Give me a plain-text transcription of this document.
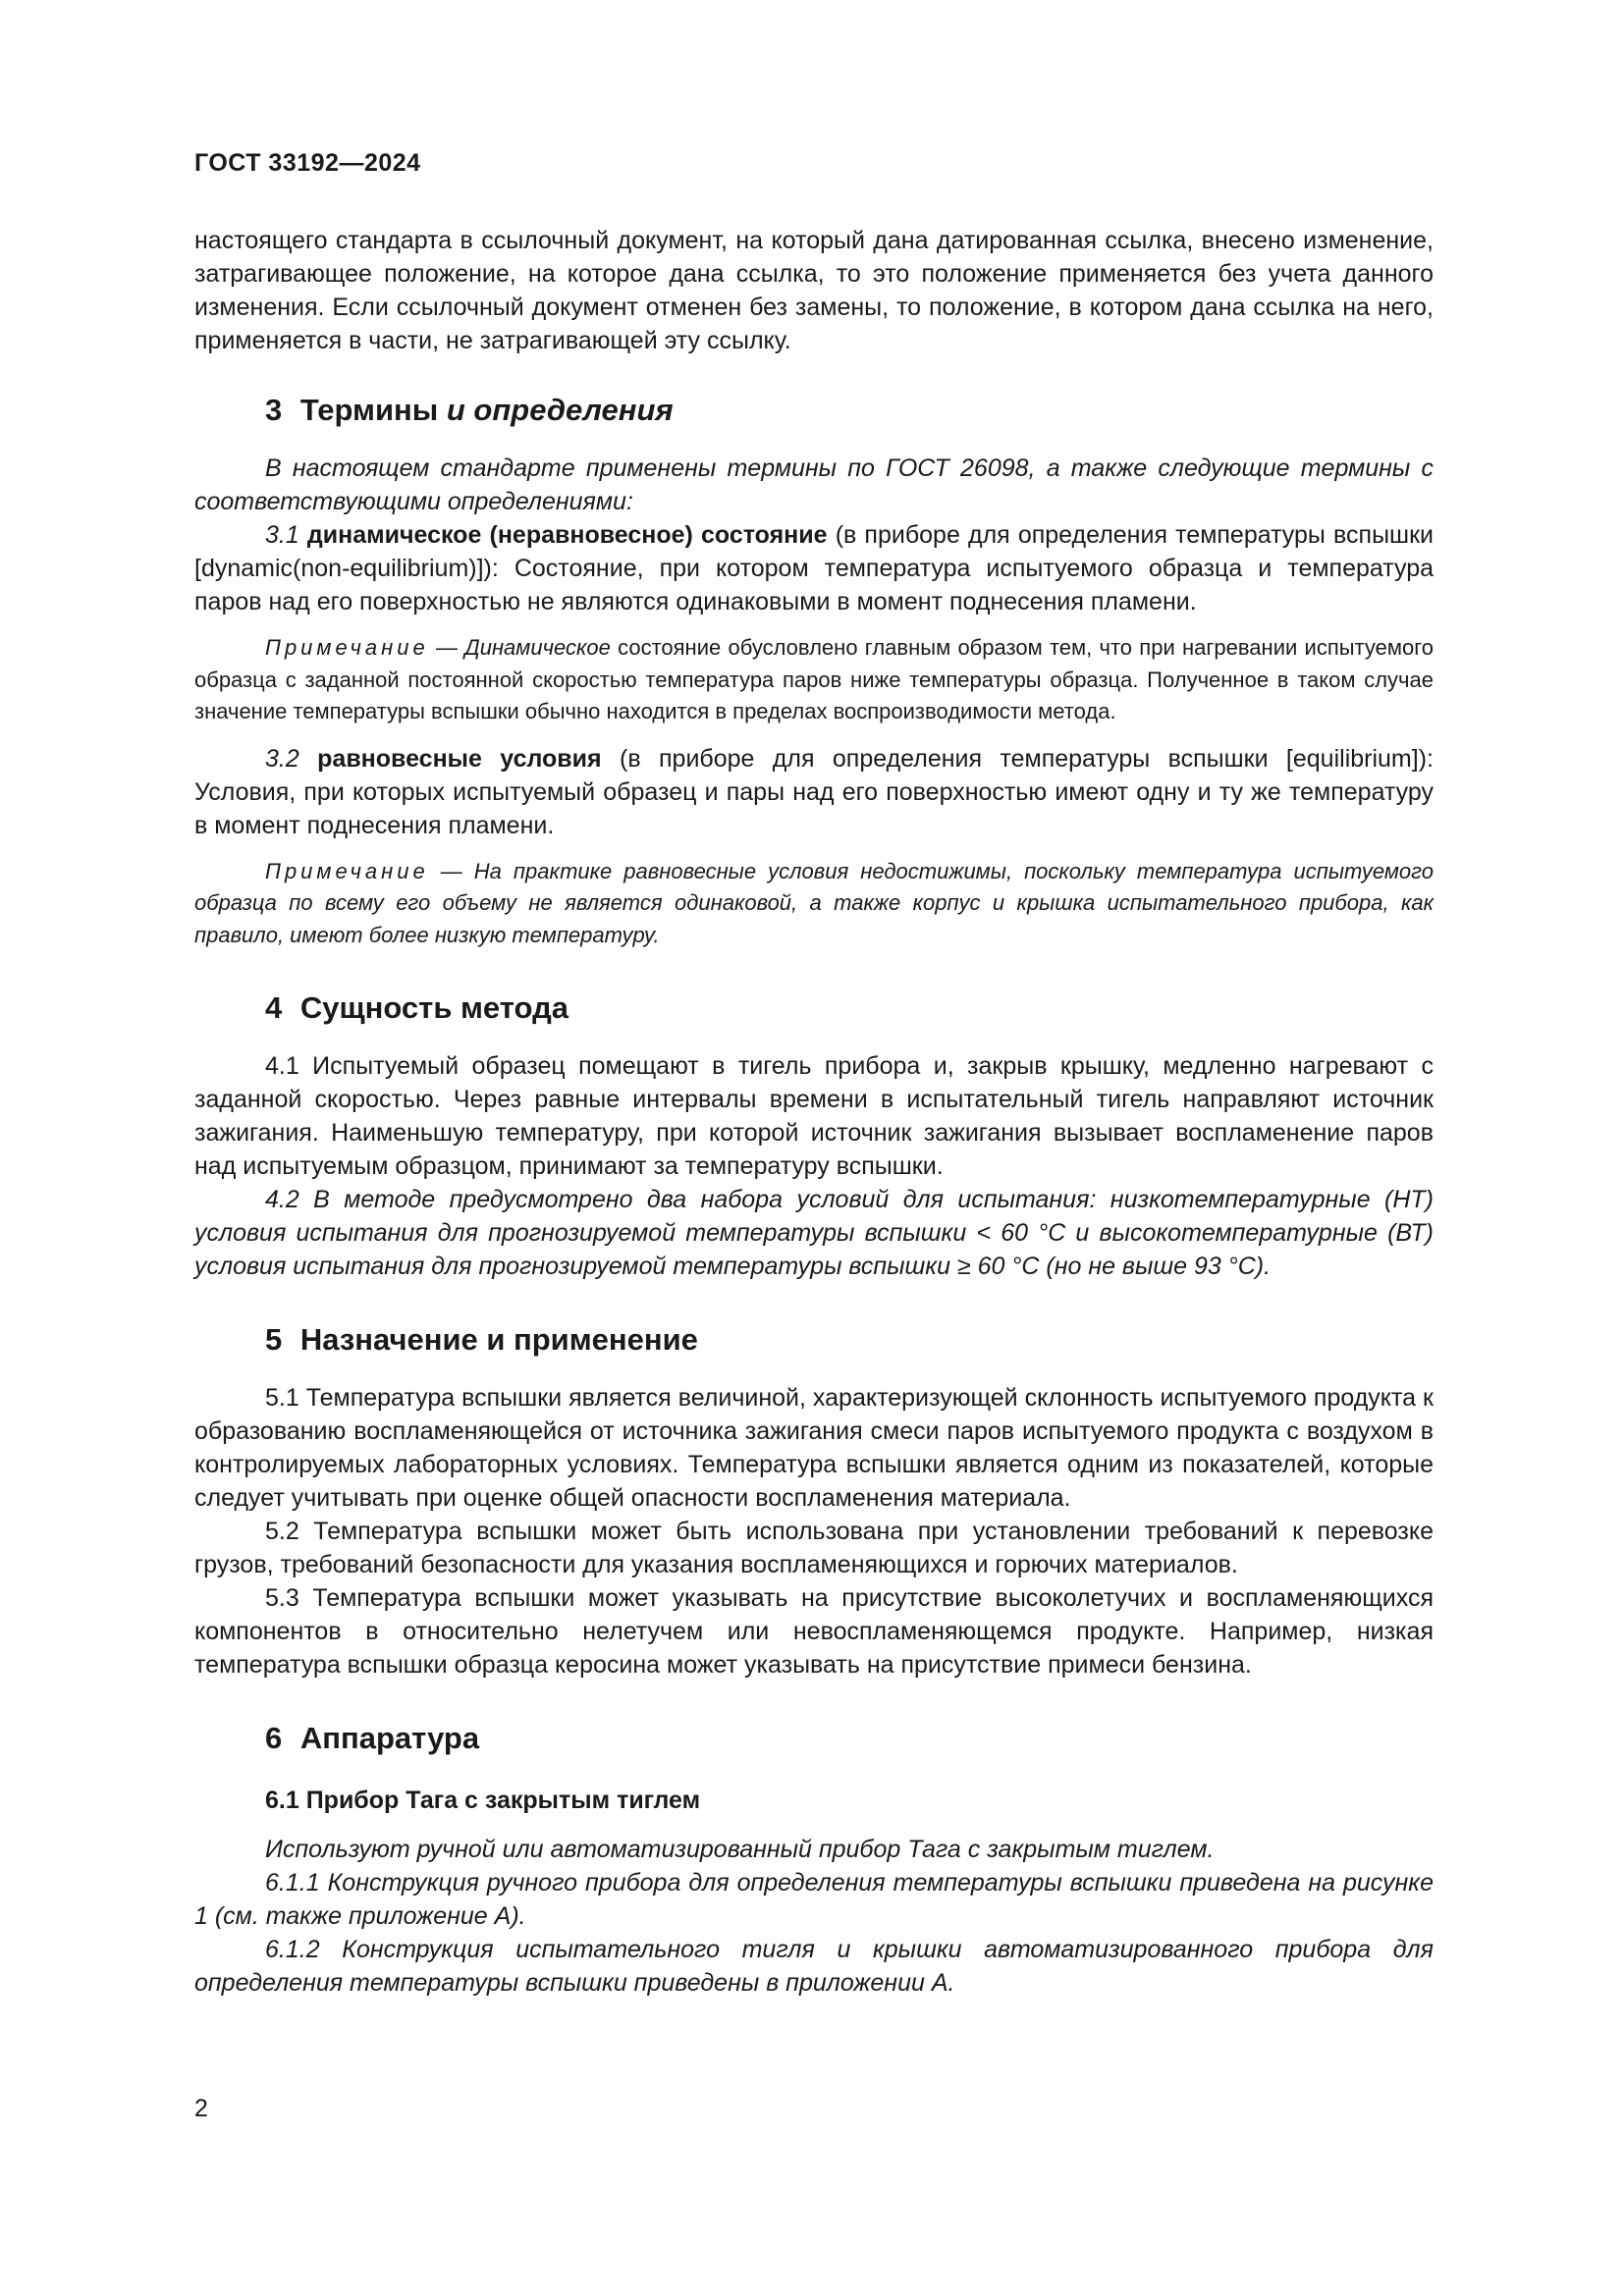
ГОСТ 33192—2024

настоящего стандарта в ссылочный документ, на который дана датированная ссылка, внесено изменение, затрагивающее положение, на которое дана ссылка, то это положение применяется без учета данного изменения. Если ссылочный документ отменен без замены, то положение, в котором дана ссылка на него, применяется в части, не затрагивающей эту ссылку.

3 Термины и определения

В настоящем стандарте применены термины по ГОСТ 26098, а также следующие термины с соответствующими определениями:

3.1 динамическое (неравновесное) состояние (в приборе для определения температуры вспышки [dynamic(non-equilibrium)]): Состояние, при котором температура испытуемого образца и температура паров над его поверхностью не являются одинаковыми в момент поднесения пламени.

Примечание — Динамическое состояние обусловлено главным образом тем, что при нагревании испытуемого образца с заданной постоянной скоростью температура паров ниже температуры образца. Полученное в таком случае значение температуры вспышки обычно находится в пределах воспроизводимости метода.

3.2 равновесные условия (в приборе для определения температуры вспышки [equilibrium]): Условия, при которых испытуемый образец и пары над его поверхностью имеют одну и ту же температуру в момент поднесения пламени.

Примечание — На практике равновесные условия недостижимы, поскольку температура испытуемого образца по всему его объему не является одинаковой, а также корпус и крышка испытательного прибора, как правило, имеют более низкую температуру.

4 Сущность метода

4.1 Испытуемый образец помещают в тигель прибора и, закрыв крышку, медленно нагревают с заданной скоростью. Через равные интервалы времени в испытательный тигель направляют источник зажигания. Наименьшую температуру, при которой источник зажигания вызывает воспламенение паров над испытуемым образцом, принимают за температуру вспышки.

4.2 В методе предусмотрено два набора условий для испытания: низкотемпературные (НТ) условия испытания для прогнозируемой температуры вспышки < 60 °С и высокотемпературные (ВТ) условия испытания для прогнозируемой температуры вспышки ≥ 60 °С (но не выше 93 °С).

5 Назначение и применение

5.1 Температура вспышки является величиной, характеризующей склонность испытуемого продукта к образованию воспламеняющейся от источника зажигания смеси паров испытуемого продукта с воздухом в контролируемых лабораторных условиях. Температура вспышки является одним из показателей, которые следует учитывать при оценке общей опасности воспламенения материала.

5.2 Температура вспышки может быть использована при установлении требований к перевозке грузов, требований безопасности для указания воспламеняющихся и горючих материалов.

5.3 Температура вспышки может указывать на присутствие высоколетучих и воспламеняющихся компонентов в относительно нелетучем или невоспламеняющемся продукте. Например, низкая температура вспышки образца керосина может указывать на присутствие примеси бензина.

6 Аппаратура
6.1 Прибор Тага с закрытым тиглем

Используют ручной или автоматизированный прибор Тага с закрытым тиглем.

6.1.1 Конструкция ручного прибора для определения температуры вспышки приведена на рисунке 1 (см. также приложение А).

6.1.2 Конструкция испытательного тигля и крышки автоматизированного прибора для определения температуры вспышки приведены в приложении А.

2
